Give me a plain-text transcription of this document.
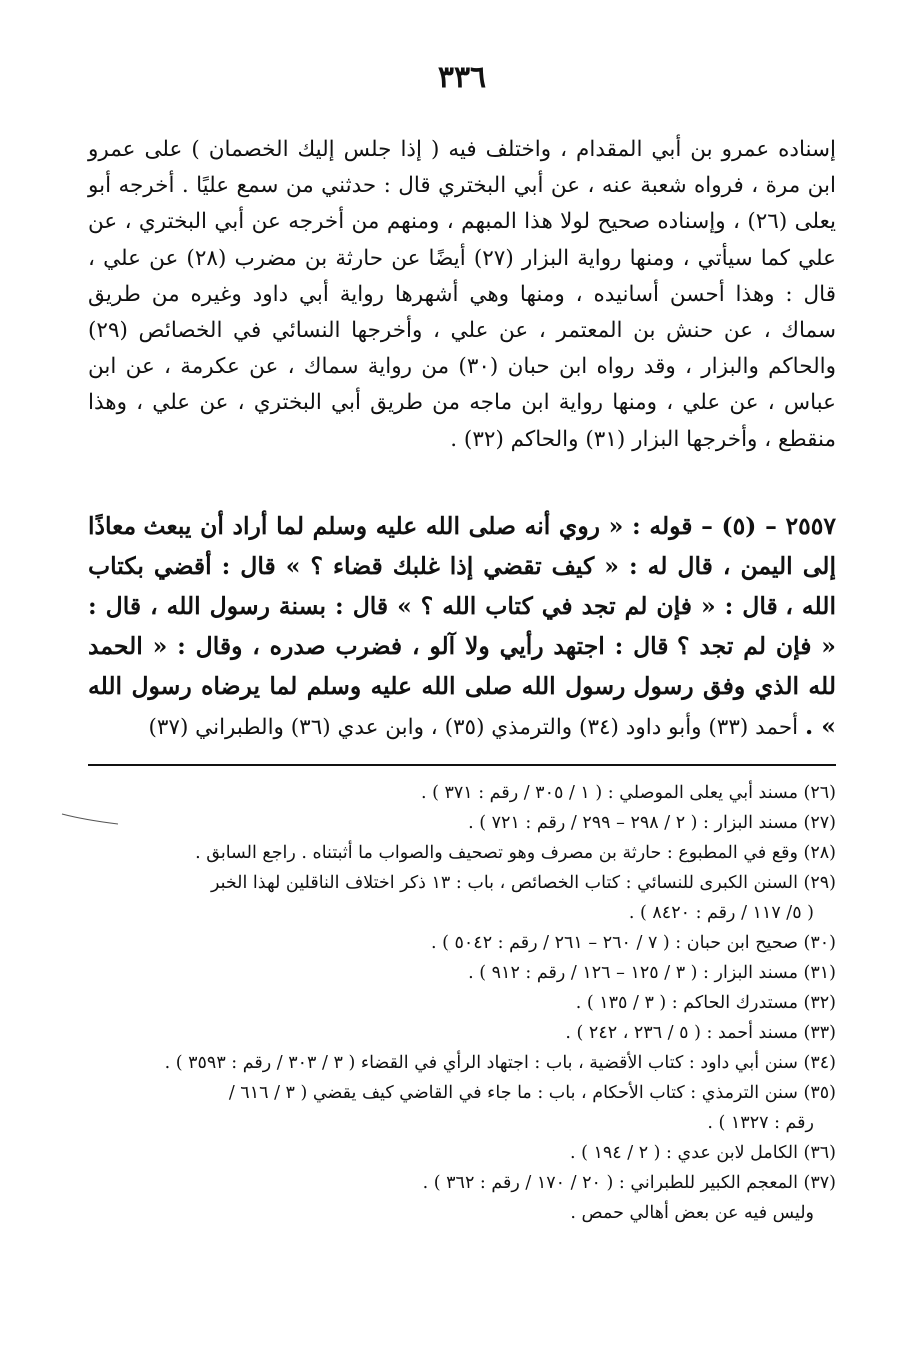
٣٣٦

إسناده عمرو بن أبي المقدام ، واختلف فيه ( إذا جلس إليك الخصمان ) على عمرو ابن مرة ، فرواه شعبة عنه ، عن أبي البختري قال : حدثني من سمع عليًا . أخرجه أبو يعلى (٢٦) ، وإسناده صحيح لولا هذا المبهم ، ومنهم من أخرجه عن أبي البختري ، عن علي كما سيأتي ، ومنها رواية البزار (٢٧) أيضًا عن حارثة بن مضرب (٢٨) عن علي ، قال : وهذا أحسن أسانيده ، ومنها وهي أشهرها رواية أبي داود وغيره من طريق سماك ، عن حنش بن المعتمر ، عن علي ، وأخرجها النسائي في الخصائص (٢٩) والحاكم والبزار ، وقد رواه ابن حبان (٣٠) من رواية سماك ، عن عكرمة ، عن ابن عباس ، عن علي ، ومنها رواية ابن ماجه من طريق أبي البختري ، عن علي ، وهذا منقطع ، وأخرجها البزار (٣١) والحاكم (٣٢) .

٢٥٥٧ – (٥) – قوله : « روي أنه صلى الله عليه وسلم لما أراد أن يبعث معاذًا إلى اليمن ، قال له : « كيف تقضي إذا غلبك قضاء ؟ » قال : أقضي بكتاب الله ، قال : « فإن لم تجد في كتاب الله ؟ » قال : بسنة رسول الله ، قال : « فإن لم تجد ؟ قال : اجتهد رأيي ولا آلو ، فضرب صدره ، وقال : « الحمد لله الذي وفق رسول رسول الله صلى الله عليه وسلم لما يرضاه رسول الله » . أحمد (٣٣) وأبو داود (٣٤) والترمذي (٣٥) ، وابن عدي (٣٦) والطبراني (٣٧)

(٢٦) مسند أبي يعلى الموصلي : ( ١ / ٣٠٥ / رقم : ٣٧١ ) .
(٢٧) مسند البزار : ( ٢ / ٢٩٨ – ٢٩٩ / رقم : ٧٢١ ) .
(٢٨) وقع في المطبوع : حارثة بن مصرف وهو تصحيف والصواب ما أثبتناه . راجع السابق .
(٢٩) السنن الكبرى للنسائي : كتاب الخصائص ، باب : ١٣ ذكر اختلاف الناقلين لهذا الخبر
( ٥/ ١١٧ / رقم : ٨٤٢٠ ) .
(٣٠) صحيح ابن حبان : ( ٧ / ٢٦٠ – ٢٦١ / رقم : ٥٠٤٢ ) .
(٣١) مسند البزار : ( ٣ / ١٢٥ – ١٢٦ / رقم : ٩١٢ ) .
(٣٢) مستدرك الحاكم : ( ٣ / ١٣٥ ) .
(٣٣) مسند أحمد : ( ٥ / ٢٣٦ ، ٢٤٢ ) .
(٣٤) سنن أبي داود : كتاب الأقضية ، باب : اجتهاد الرأي في القضاء ( ٣ / ٣٠٣ / رقم : ٣٥٩٣ ) .
(٣٥) سنن الترمذي : كتاب الأحكام ، باب : ما جاء في القاضي كيف يقضي ( ٣ / ٦١٦ /
رقم : ١٣٢٧ ) .
(٣٦) الكامل لابن عدي : ( ٢ / ١٩٤ ) .
(٣٧) المعجم الكبير للطبراني : ( ٢٠ / ١٧٠ / رقم : ٣٦٢ ) .
وليس فيه عن بعض أهالي حمص .
